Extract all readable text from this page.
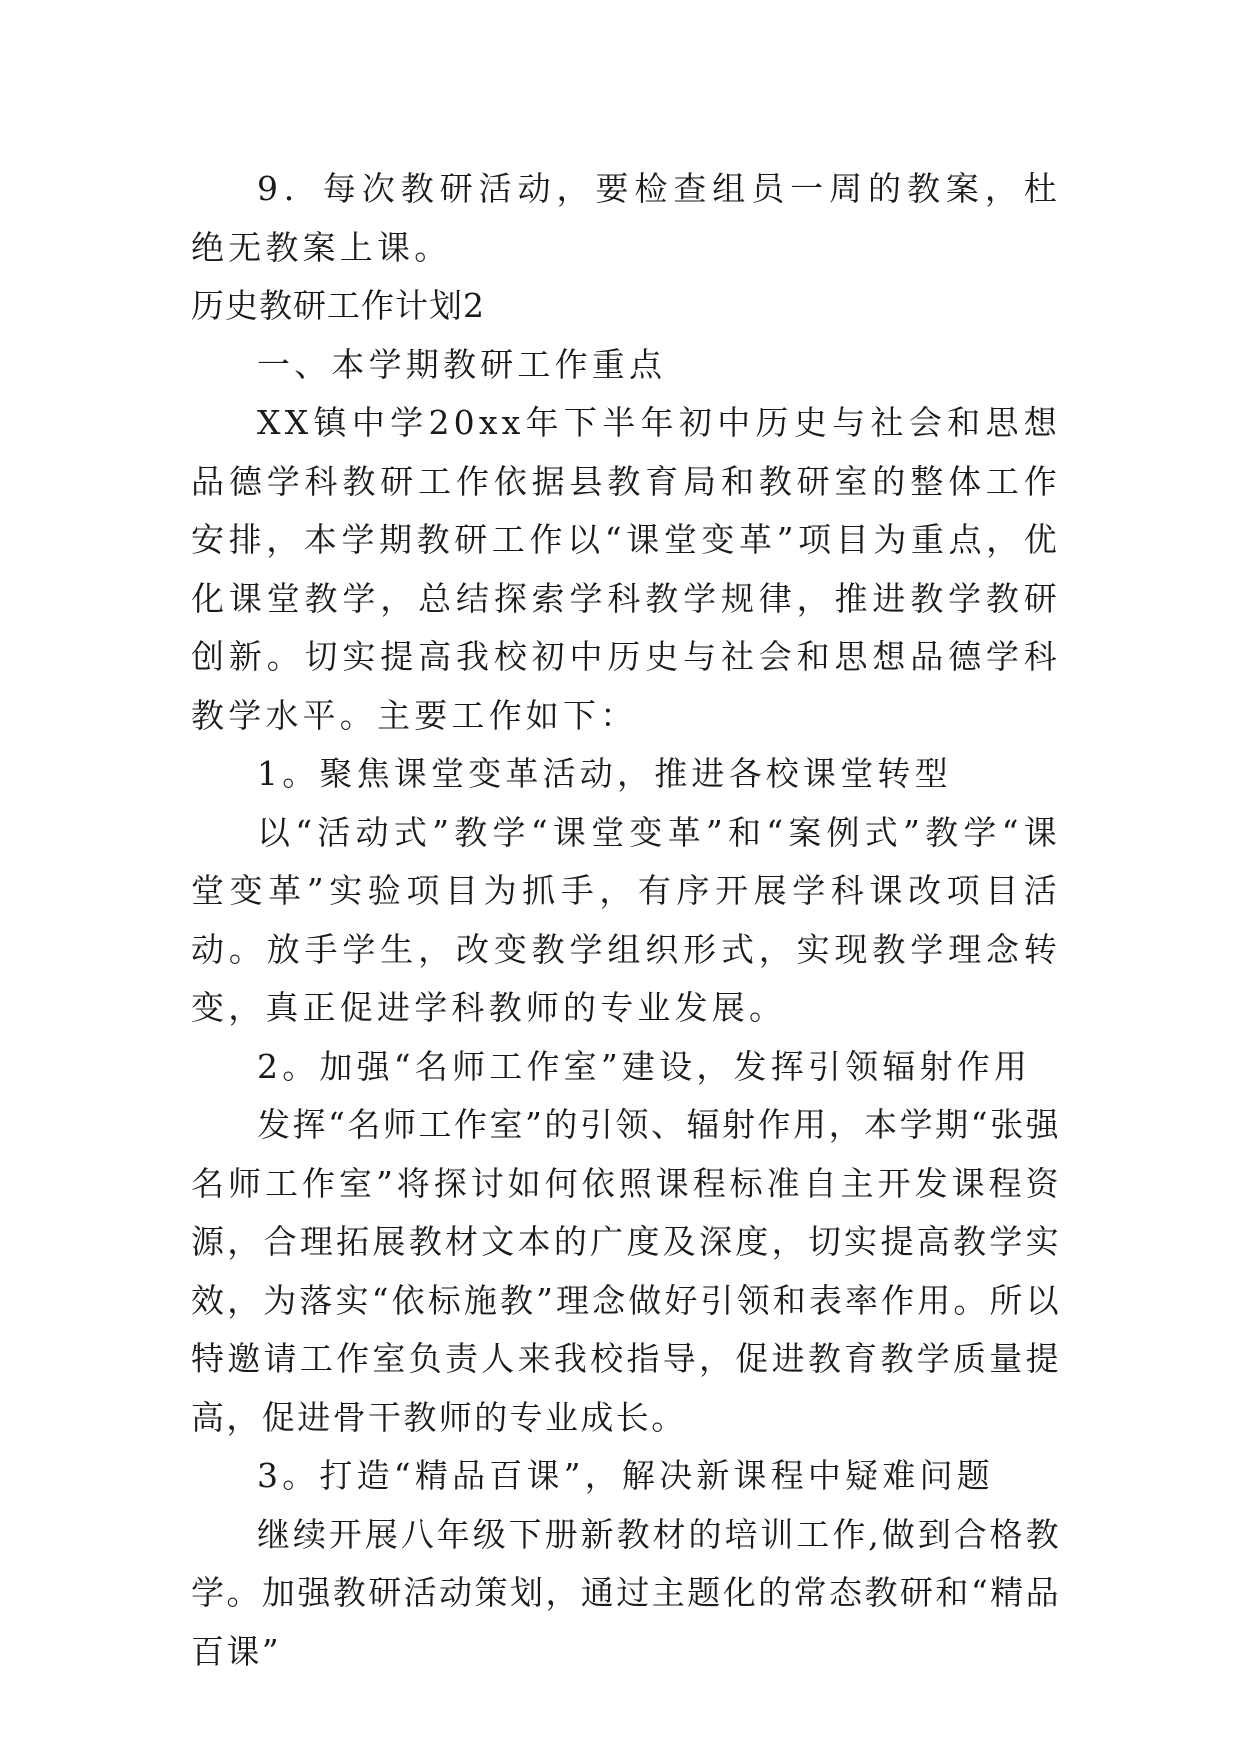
9．每次教研活动，要检查组员一周的教案，杜绝无教案上课。

历史教研工作计划2

一、本学期教研工作重点

XX镇中学20xx年下半年初中历史与社会和思想品德学科教研工作依据县教育局和教研室的整体工作安排，本学期教研工作以“课堂变革”项目为重点，优化课堂教学，总结探索学科教学规律，推进教学教研创新。切实提高我校初中历史与社会和思想品德学科教学水平。主要工作如下：

1。聚焦课堂变革活动，推进各校课堂转型

以“活动式”教学“课堂变革”和“案例式”教学“课堂变革”实验项目为抓手，有序开展学科课改项目活动。放手学生，改变教学组织形式，实现教学理念转变，真正促进学科教师的专业发展。

2。加强“名师工作室”建设，发挥引领辐射作用

发挥“名师工作室”的引领、辐射作用，本学期“张强名师工作室”将探讨如何依照课程标准自主开发课程资源，合理拓展教材文本的广度及深度，切实提高教学实效，为落实“依标施教”理念做好引领和表率作用。所以特邀请工作室负责人来我校指导，促进教育教学质量提高，促进骨干教师的专业成长。

3。打造“精品百课”，解决新课程中疑难问题

继续开展八年级下册新教材的培训工作,做到合格教学。加强教研活动策划，通过主题化的常态教研和“精品百课”
